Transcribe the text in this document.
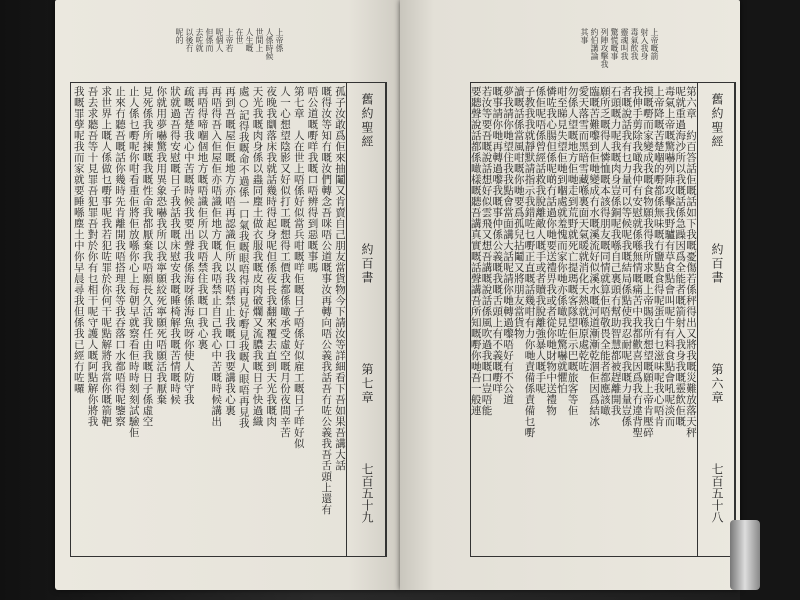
上帝係
人係時候
世間上
人生嘅
在世
上帝若
呢個人
但係而
去咗就
以後冇
呢的
孤子汝敢爲佢來抽鬮又肯賣自己朋友當貨物今下請汝等詳細看下吾如果吾講大話
嘅得汝等知冇嘅汝們轉念吾咪唔公道嘅事汝再轉向唔公義我話吾冇咗公義我吾舌頭上還有
唔公道嘅嘢咩我嘅口唔辨得到惡嘅事嗎
第七章　人在世上唔係好似當兵咁嘅咩佢嘅日子唔係好似雇工嘅日子咩好似
人一心想望陰影又好似打工嘅想得工價我都係噉承受虛空嘅月份夜間辛苦
夜晚我瞓落床我就話幾時得起身呢但係夜長我翻來覆去直到天光我嘅肉
天光我嘅肉身係以蟲同塵土做衣服我嘅皮肉破爛又流膿我嘅日子快過織
處○記得我嘅命不過係一口氣我嘅眼唔得再見好嘢見我嘅人眼唔再見我
再到吾嘅屋佢嘅地方亦唔再認識佢所以我唔禁止我嘅口我要講我心裏
再唔得吾入佢屋佢亦唔識佢地方嘅人我唔禁止自己我心中苦嘅時候講出
再唔得啼嗰個地方嘅唔識佢所以我唔禁住我嘅口我心裏
疏嘅苦楚我心中苦嘅時候我要出聲我係海呀係海魚呀你使人防守我
狀就過吾得安慰嘅日子我話我嘅床慰安我嘅睡椅解我嘅苦情嘅時候
你就用夢嚇驚我用異象恐嚇我所以我寧願絞死寧願死唔願活我厭棄
見死係我所揀嘅我嘅性命我都厭棄我唔願長久活我任由我嘅日子係虛空
止人係乜嘢呢你咁看重佢將佢放喺你心上每朝早就察看佢時時刻刻試驗佢
止來冇聽吾嘅話你幾時先肯離開我唔搭理我等我吞落口水都唔得呢鑒察
求世界上嘅人係做乜嘢事呢我若犯咗罪於你何干呢點解將我當你嘅箭靶
吾去求聽吾等十見罪吾犯罪吾對於你有乜相干呢守護人嘅阿點解你將我
我嘅罪孽呢我而家就要睡喺塵土中你早晨尋我但係我已經冇咗囉	舊約聖經
約百書
第七章
七百五十九
上帝嘅箭
射入我身
毒氣飲我
靈魂叫我
驚慌嘅事
列陣攻擊我
約伯講論
其事
第六章　約百答話佢嘅話如下我嘅憂傷若係秤得出又將我嘅災難放落天秤
呢就重過海沙所以我嘅話係急躁因爲全能者嘅箭射入我身我嘅靈飲佢嘅
毒氣上帝嘅驚嚇列陣攻擊我野驢有草食點會叫呢牛有料食點會吼呢淡而
上帝降嘅苦楚嗰的嘢都係無味嘅冇鹽點食得呢蛋白有乜滋味呢我心唔肯
摸嘅嘢而家變成我嘅食物願我得我所求嘅上帝賜我所想望嘅願上帝肯壓碎
我伸手剪除我噉我仲有安慰就係喺無情嘅痛苦中我都歡喜因爲我冇違背聖
者嘅說話我有乜力量可以等候呢我嘅結局係點使我忍耐呢我嘅力量豈係
石頭嘅力呢我嘅肉身豈係銅呢我喺自己裏頭冇幫助智慧都被趕離開我
願所乏嘅得人憐恤嘅本該得朋友嘅同情就算佢唔敬畏全能者都應該噉
臨嘅苦難嚟到佢哋變成冇水嘅溪流好似溪水嘅河道漸漸乾涸佢因爲結冰
愛天落雪而黑暗雪藏喺裏面天氣暖就消化天熱就喺原處乾咗
勿係人望嘅地方佢哋走到荒野就死亡提瑪嘅客隊望佢示巴嘅旅客等佢
咁至睇見失望佢哋到嗰處就羞愧而家你哋亦係噉見咗驚嚇就懼怕
憐咗我心腸但係呢啲冇話過你哋要送禮畀我或者從你哋財物中送禮物
係佢呢唔係曾經話救我脫離敵人嘅手或者贖我脫離強暴人嘅手呢
子教我我就靜默請指示我錯咗乜嘢正直嘅話幾咁有力你哋責備係責備乜嘢
讀嘅話係當風咁嘅你哋要爲孤兒拈鬮又將朋友當貨物
夢我請你哋望住我我點會當面講大話呢請你哋轉過嚟唔好有不公道
嘅事請你哋再轉過嚟我嘅事仲係公義嘅我嘅舌頭上有不義嘅嘢咩
若汝等要吾嘅說話想好似雲飛又想吾講嘅說話係風吹過我嘅口豈唔能
要聽聲說話都係噉樣嘅聽吾講真實嘅話聲講吾所知嘅嘢你哋吾一般連	舊約聖經
約百書
第六章
七百五十八
